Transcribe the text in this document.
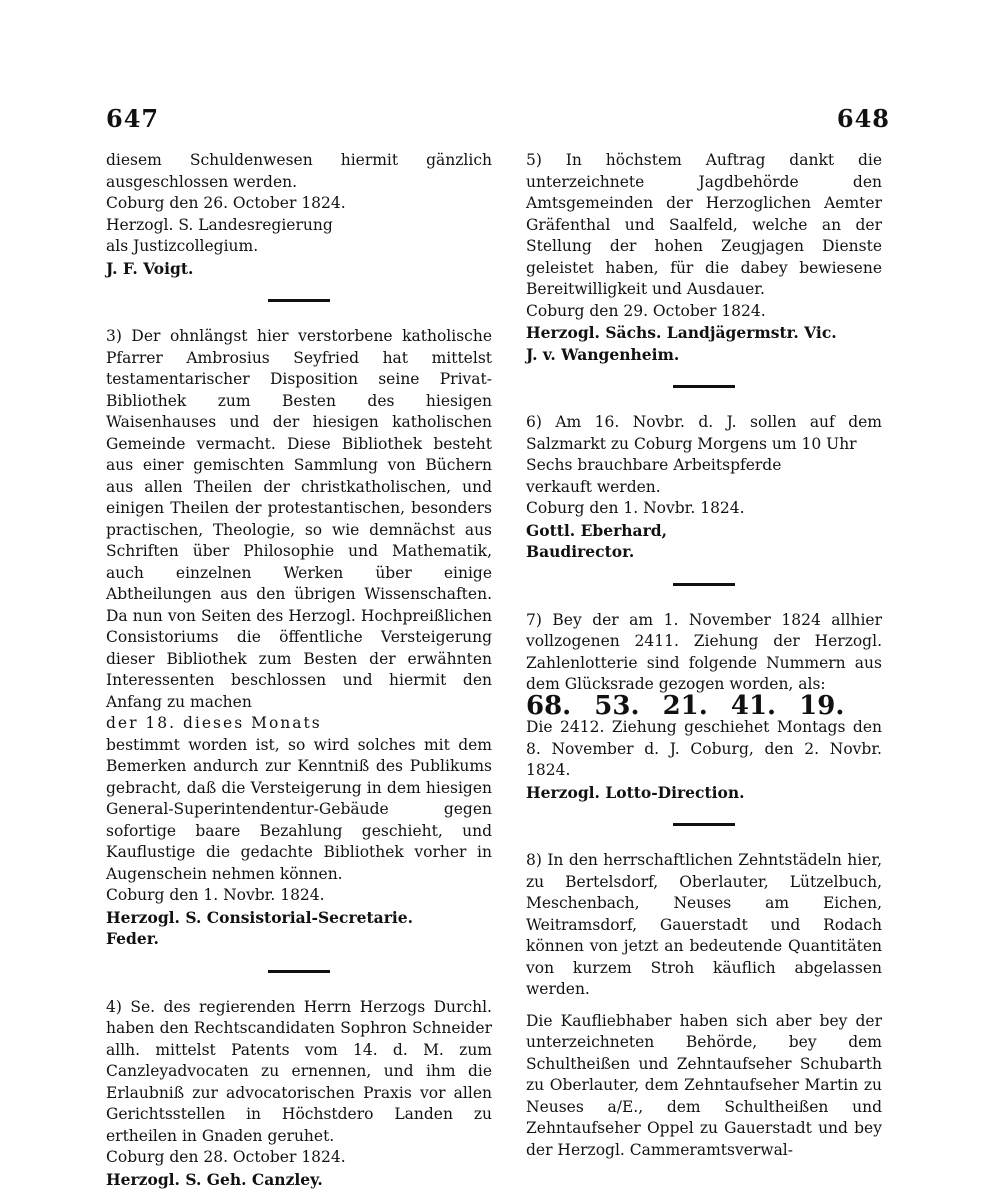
647	648

diesem Schuldenwesen hiermit gänzlich ausgeschlossen werden.

Coburg den 26. October 1824.

Herzogl. S. Landesregierung

als Justizcollegium.

J. F. Voigt.

3) Der ohnlängst hier verstorbene katholische Pfarrer Ambrosius Seyfried hat mittelst testamentarischer Disposition seine Privat-Bibliothek zum Besten des hiesigen Waisenhauses und der hiesigen katholischen Gemeinde vermacht. Diese Bibliothek besteht aus einer gemischten Sammlung von Büchern aus allen Theilen der christkatholischen, und einigen Theilen der protestantischen, besonders practischen, Theologie, so wie demnächst aus Schriften über Philosophie und Mathematik, auch einzelnen Werken über einige Abtheilungen aus den übrigen Wissenschaften. Da nun von Seiten des Herzogl. Hochpreißlichen Consistoriums die öffentliche Versteigerung dieser Bibliothek zum Besten der erwähnten Interessenten beschlossen und hiermit den Anfang zu machen

der 18. dieses Monats

bestimmt worden ist, so wird solches mit dem Bemerken andurch zur Kenntniß des Publikums gebracht, daß die Versteigerung in dem hiesigen General-Superintendentur-Gebäude gegen sofortige baare Bezahlung geschieht, und Kauflustige die gedachte Bibliothek vorher in Augenschein nehmen können.

Coburg den 1. Novbr. 1824.

Herzogl. S. Consistorial-Secretarie.

Feder.

4) Se. des regierenden Herrn Herzogs Durchl. haben den Rechtscandidaten Sophron Schneider allh. mittelst Patents vom 14. d. M. zum Canzleyadvocaten zu ernennen, und ihm die Erlaubniß zur advocatorischen Praxis vor allen Gerichtsstellen in Höchstdero Landen zu ertheilen in Gnaden geruhet.

Coburg den 28. October 1824.

Herzogl. S. Geh. Canzley.

5) In höchstem Auftrag dankt die unterzeichnete Jagdbehörde den Amtsgemeinden der Herzoglichen Aemter Gräfenthal und Saalfeld, welche an der Stellung der hohen Zeugjagen Dienste geleistet haben, für die dabey bewiesene Bereitwilligkeit und Ausdauer.

Coburg den 29. October 1824.

Herzogl. Sächs. Landjägermstr. Vic.

J. v. Wangenheim.

6) Am 16. Novbr. d. J. sollen auf dem Salzmarkt zu Coburg Morgens um 10 Uhr

Sechs brauchbare Arbeitspferde

verkauft werden.

Coburg den 1. Novbr. 1824.

Gottl. Eberhard,

Baudirector.

7) Bey der am 1. November 1824 allhier vollzogenen 2411. Ziehung der Herzogl. Zahlenlotterie sind folgende Nummern aus dem Glücksrade gezogen worden, als:

68. 53. 21. 41. 19.

Die 2412. Ziehung geschiehet Montags den 8. November d. J. Coburg, den 2. Novbr. 1824.

Herzogl. Lotto-Direction.

8) In den herrschaftlichen Zehntstädeln hier, zu Bertelsdorf, Oberlauter, Lützelbuch, Meschenbach, Neuses am Eichen, Weitramsdorf, Gauerstadt und Rodach können von jetzt an bedeutende Quantitäten von kurzem Stroh käuflich abgelassen werden.

Die Kaufliebhaber haben sich aber bey der unterzeichneten Behörde, bey dem Schultheißen und Zehntaufseher Schubarth zu Oberlauter, dem Zehntaufseher Martin zu Neuses a/E., dem Schultheißen und Zehntaufseher Oppel zu Gauerstadt und bey der Herzogl. Cammeramtsverwal-
